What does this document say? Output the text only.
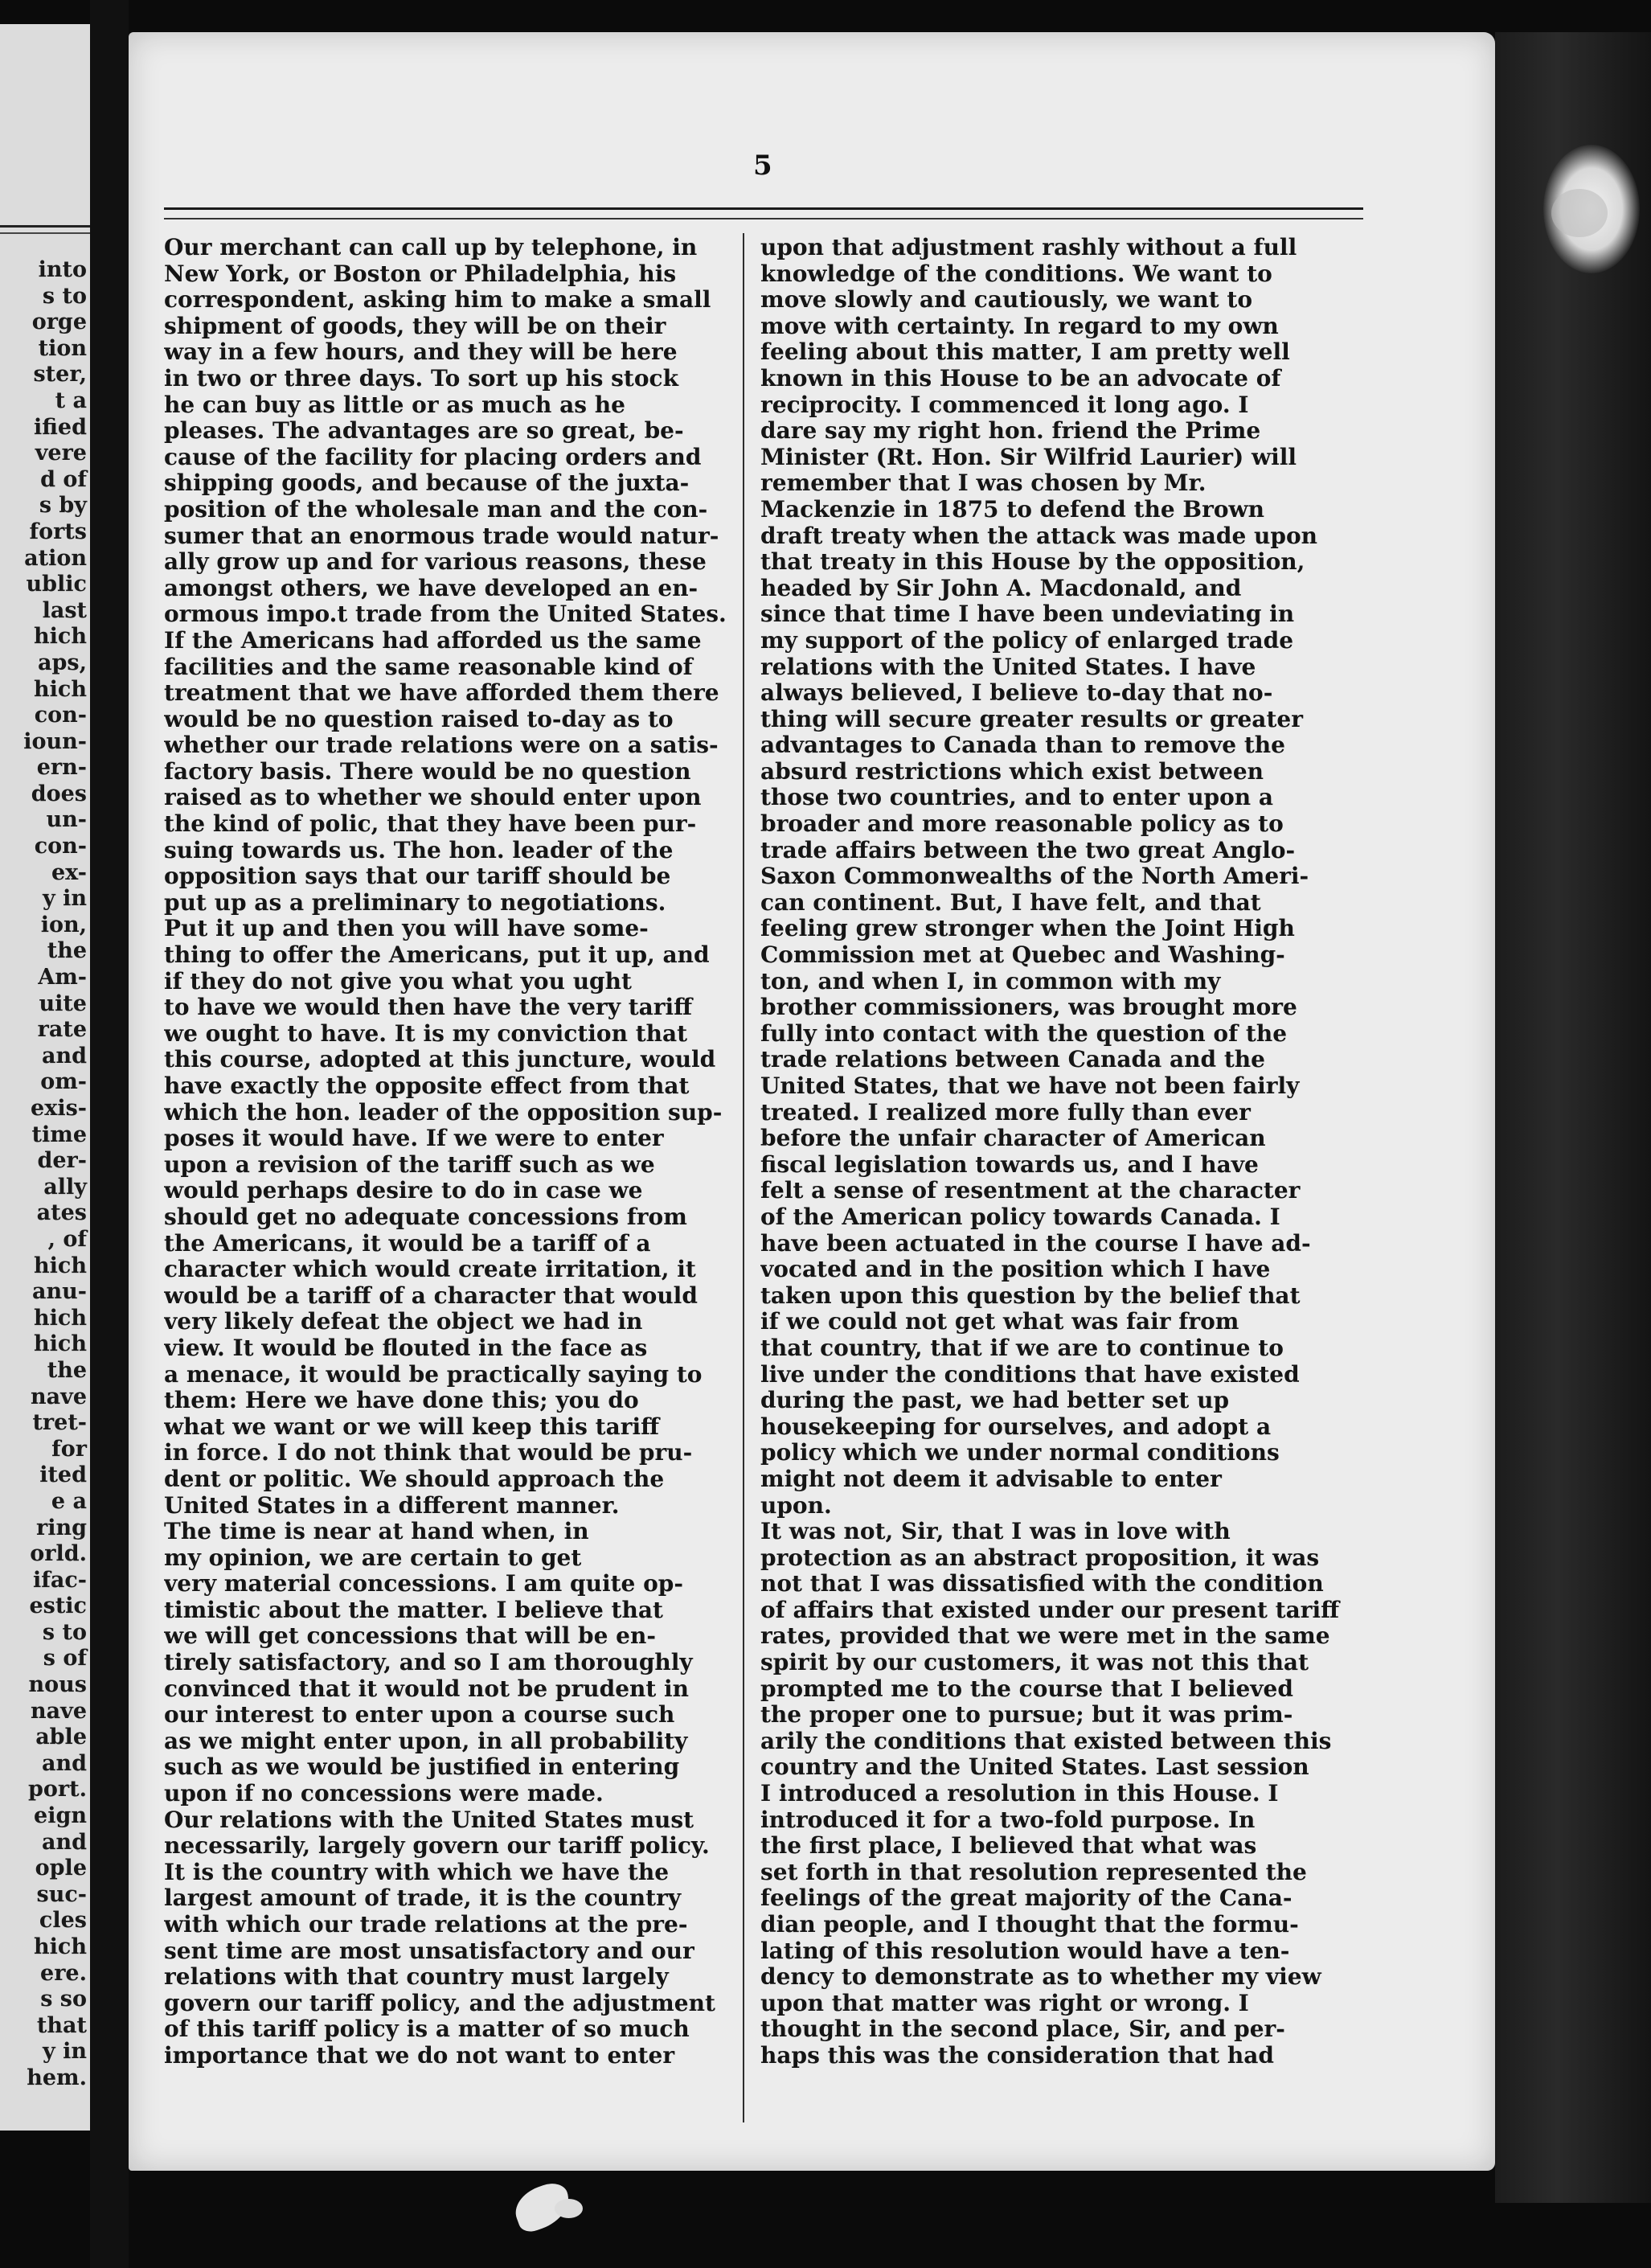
into
s to
orge
tion
ster,
t a
ified
vere
d of
s by
forts
ation
ublic
last
hich
aps,
hich
con-
ioun-
ern-
does
un-
con-
ex-
y in
ion,
the
Am-
uite
rate
and
om-
exis-
time
der-
ally
ates
, of
hich
anu-
hich
hich
the
nave
tret-
for
ited
e a
ring
orld.
ifac-
estic
s to
s of
nous
nave
able
and
port.
eign
and
ople
suc-
cles
hich
ere.
s so
that
y in
hem.
5
Our merchant can call up by telephone, in
New York, or Boston or Philadelphia, his
correspondent, asking him to make a small
shipment of goods, they will be on their
way in a few hours, and they will be here
in two or three days. To sort up his stock
he can buy as little or as much as he
pleases. The advantages are so great, be-
cause of the facility for placing orders and
shipping goods, and because of the juxta-
position of the wholesale man and the con-
sumer that an enormous trade would natur-
ally grow up and for various reasons, these
amongst others, we have developed an en-
ormous impo.t trade from the United States.
If the Americans had afforded us the same
facilities and the same reasonable kind of
treatment that we have afforded them there
would be no question raised to-day as to
whether our trade relations were on a satis-
factory basis. There would be no question
raised as to whether we should enter upon
the kind of polic, that they have been pur-
suing towards us. The hon. leader of the
opposition says that our tariff should be
put up as a preliminary to negotiations.
Put it up and then you will have some-
thing to offer the Americans, put it up, and
if they do not give you what you ught
to have we would then have the very tariff
we ought to have. It is my conviction that
this course, adopted at this juncture, would
have exactly the opposite effect from that
which the hon. leader of the opposition sup-
poses it would have. If we were to enter
upon a revision of the tariff such as we
would perhaps desire to do in case we
should get no adequate concessions from
the Americans, it would be a tariff of a
character which would create irritation, it
would be a tariff of a character that would
very likely defeat the object we had in
view. It would be flouted in the face as
a menace, it would be practically saying to
them: Here we have done this; you do
what we want or we will keep this tariff
in force. I do not think that would be pru-
dent or politic. We should approach the
United States in a different manner.
The time is near at hand when, in
my opinion, we are certain to get
very material concessions. I am quite op-
timistic about the matter. I believe that
we will get concessions that will be en-
tirely satisfactory, and so I am thoroughly
convinced that it would not be prudent in
our interest to enter upon a course such
as we might enter upon, in all probability
such as we would be justified in entering
upon if no concessions were made.
Our relations with the United States must
necessarily, largely govern our tariff policy.
It is the country with which we have the
largest amount of trade, it is the country
with which our trade relations at the pre-
sent time are most unsatisfactory and our
relations with that country must largely
govern our tariff policy, and the adjustment
of this tariff policy is a matter of so much
importance that we do not want to enter
upon that adjustment rashly without a full
knowledge of the conditions. We want to
move slowly and cautiously, we want to
move with certainty. In regard to my own
feeling about this matter, I am pretty well
known in this House to be an advocate of
reciprocity. I commenced it long ago. I
dare say my right hon. friend the Prime
Minister (Rt. Hon. Sir Wilfrid Laurier) will
remember that I was chosen by Mr.
Mackenzie in 1875 to defend the Brown
draft treaty when the attack was made upon
that treaty in this House by the opposition,
headed by Sir John A. Macdonald, and
since that time I have been undeviating in
my support of the policy of enlarged trade
relations with the United States. I have
always believed, I believe to-day that no-
thing will secure greater results or greater
advantages to Canada than to remove the
absurd restrictions which exist between
those two countries, and to enter upon a
broader and more reasonable policy as to
trade affairs between the two great Anglo-
Saxon Commonwealths of the North Ameri-
can continent. But, I have felt, and that
feeling grew stronger when the Joint High
Commission met at Quebec and Washing-
ton, and when I, in common with my
brother commissioners, was brought more
fully into contact with the question of the
trade relations between Canada and the
United States, that we have not been fairly
treated. I realized more fully than ever
before the unfair character of American
fiscal legislation towards us, and I have
felt a sense of resentment at the character
of the American policy towards Canada. I
have been actuated in the course I have ad-
vocated and in the position which I have
taken upon this question by the belief that
if we could not get what was fair from
that country, that if we are to continue to
live under the conditions that have existed
during the past, we had better set up
housekeeping for ourselves, and adopt a
policy which we under normal conditions
might not deem it advisable to enter
upon.
It was not, Sir, that I was in love with
protection as an abstract proposition, it was
not that I was dissatisfied with the condition
of affairs that existed under our present tariff
rates, provided that we were met in the same
spirit by our customers, it was not this that
prompted me to the course that I believed
the proper one to pursue; but it was prim-
arily the conditions that existed between this
country and the United States. Last session
I introduced a resolution in this House. I
introduced it for a two-fold purpose. In
the first place, I believed that what was
set forth in that resolution represented the
feelings of the great majority of the Cana-
dian people, and I thought that the formu-
lating of this resolution would have a ten-
dency to demonstrate as to whether my view
upon that matter was right or wrong. I
thought in the second place, Sir, and per-
haps this was the consideration that had
